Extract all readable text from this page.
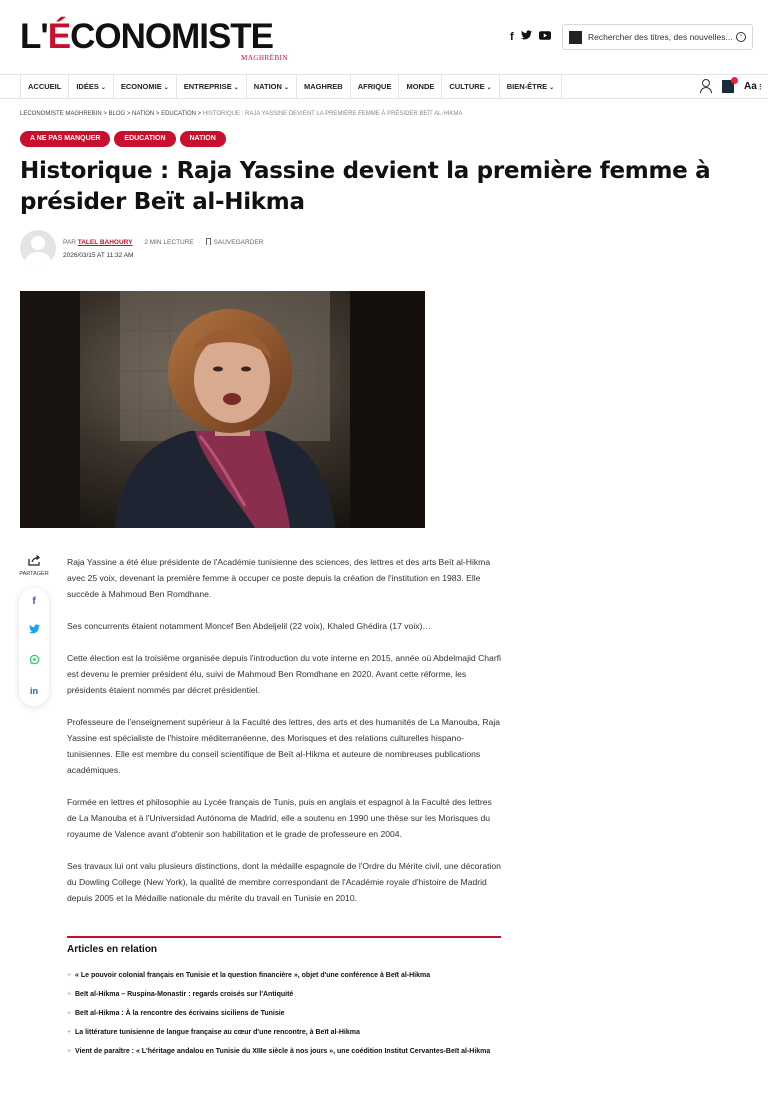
L'ÉCONOMISTE
MAGHRÉBIN
f	Rechercher des titres, des nouvelles...	›
ACCUEIL	IDÉES ⌄	ECONOMIE ⌄	ENTREPRISE ⌄	NATION ⌄	MAGHREB	AFRIQUE	MONDE	CULTURE ⌄	BIEN-ÊTRE ⌄	Aa⋮
LECONOMISTE MAGHREBIN > BLOG > NATION > EDUCATION > HISTORIQUE : RAJA YASSINE DEVIENT LA PREMIÈRE FEMME À PRÉSIDER BEÏT AL-HIKMA
A NE PAS MANQUER	EDUCATION	NATION
Historique : Raja Yassine devient la première femme à présider Beït al-Hikma
PAR TALEL BAHOURY · 2 MIN LECTURE · SAUVEGARDER
2026/03/15 AT 11:32 AM
PARTAGER
f
in

Raja Yassine a été élue présidente de l'Académie tunisienne des sciences, des lettres et des arts Beït al-Hikma avec 25 voix, devenant la première femme à occuper ce poste depuis la création de l'institution en 1983. Elle succède à Mahmoud Ben Romdhane.

Ses concurrents étaient notamment Moncef Ben Abdeljelil (22 voix), Khaled Ghédira (17 voix)…

Cette élection est la troisième organisée depuis l'introduction du vote interne en 2015, année où Abdelmajid Charfi est devenu le premier président élu, suivi de Mahmoud Ben Romdhane en 2020. Avant cette réforme, les présidents étaient nommés par décret présidentiel.

Professeure de l'enseignement supérieur à la Faculté des lettres, des arts et des humanités de La Manouba, Raja Yassine est spécialiste de l'histoire méditerranéenne, des Morisques et des relations culturelles hispano-tunisiennes. Elle est membre du conseil scientifique de Beït al-Hikma et auteure de nombreuses publications académiques.

Formée en lettres et philosophie au Lycée français de Tunis, puis en anglais et espagnol à la Faculté des lettres de La Manouba et à l'Universidad Autónoma de Madrid, elle a soutenu en 1990 une thèse sur les Morisques du royaume de Valence avant d'obtenir son habilitation et le grade de professeure en 2004.

Ses travaux lui ont valu plusieurs distinctions, dont la médaille espagnole de l'Ordre du Mérite civil, une décoration du Dowling College (New York), la qualité de membre correspondant de l'Académie royale d'histoire de Madrid depuis 2005 et la Médaille nationale du mérite du travail en Tunisie en 2010.

Articles en relation
+ « Le pouvoir colonial français en Tunisie et la question financière », objet d'une conférence à Beït al-Hikma
+ Beït al-Hikma – Ruspina-Monastir : regards croisés sur l'Antiquité
+ Beït al-Hikma : À la rencontre des écrivains siciliens de Tunisie
+ La littérature tunisienne de langue française au cœur d'une rencontre, à Beït al-Hikma
+ Vient de paraître : « L'héritage andalou en Tunisie du XIIIe siècle à nos jours », une coédition Institut Cervantes-Beït al-Hikma
